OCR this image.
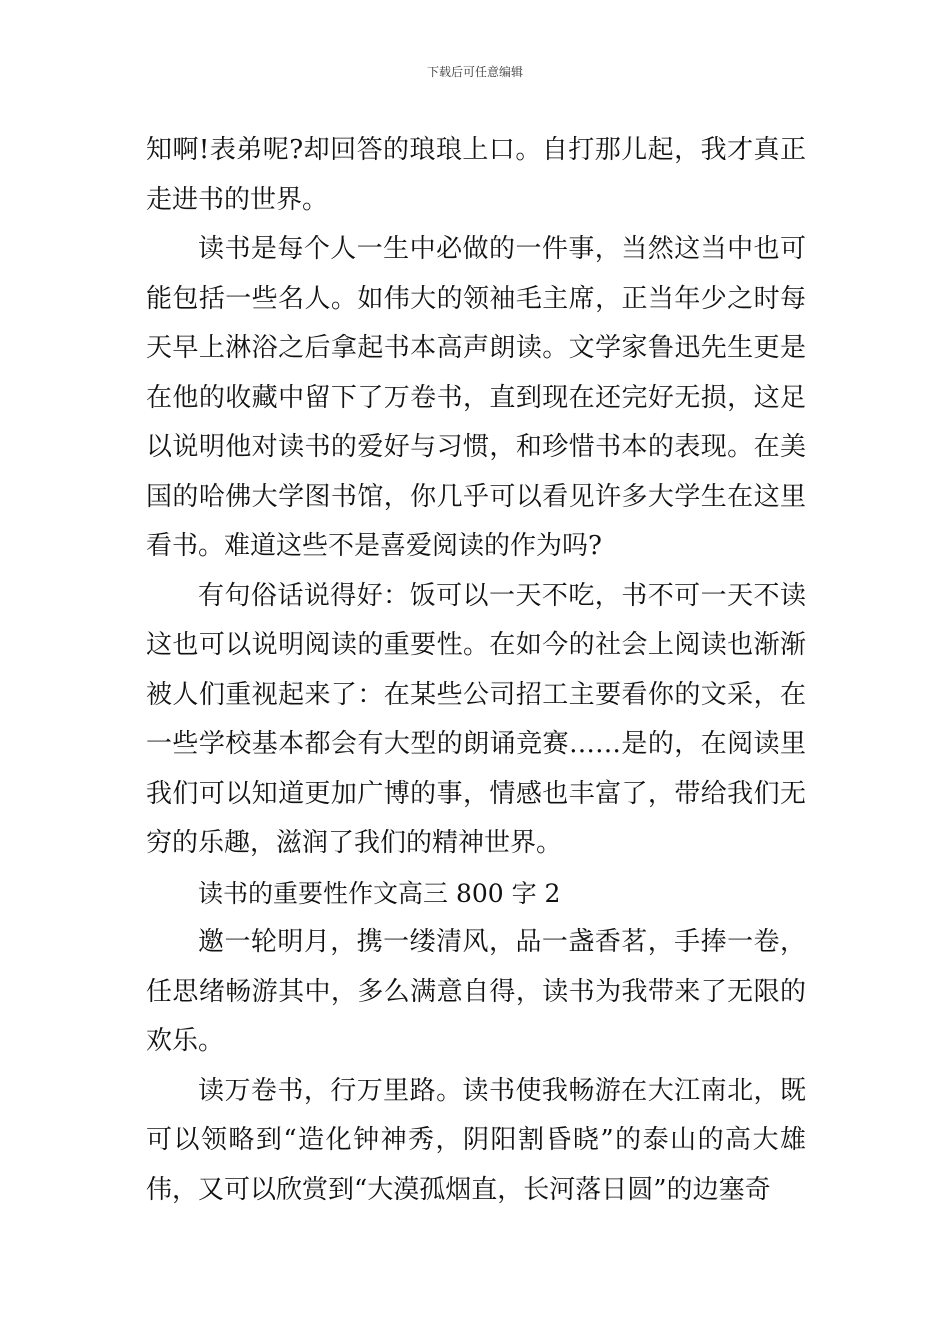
下载后可任意编辑

知啊!表弟呢?却回答的琅琅上口。自打那儿起，我才真正走进书的世界。

读书是每个人一生中必做的一件事，当然这当中也可能包括一些名人。如伟大的领袖毛主席，正当年少之时每天早上淋浴之后拿起书本高声朗读。文学家鲁迅先生更是在他的收藏中留下了万卷书，直到现在还完好无损，这足以说明他对读书的爱好与习惯，和珍惜书本的表现。在美国的哈佛大学图书馆，你几乎可以看见许多大学生在这里看书。难道这些不是喜爱阅读的作为吗?

有句俗话说得好：饭可以一天不吃，书不可一天不读这也可以说明阅读的重要性。在如今的社会上阅读也渐渐被人们重视起来了：在某些公司招工主要看你的文采，在一些学校基本都会有大型的朗诵竞赛……是的，在阅读里我们可以知道更加广博的事，情感也丰富了，带给我们无穷的乐趣，滋润了我们的精神世界。

读书的重要性作文高三 800 字 2

邀一轮明月，携一缕清风，品一盏香茗，手捧一卷，任思绪畅游其中，多么满意自得，读书为我带来了无限的欢乐。

读万卷书，行万里路。读书使我畅游在大江南北，既可以领略到“造化钟神秀，阴阳割昏晓”的泰山的高大雄伟，又可以欣赏到“大漠孤烟直，长河落日圆”的边塞奇
